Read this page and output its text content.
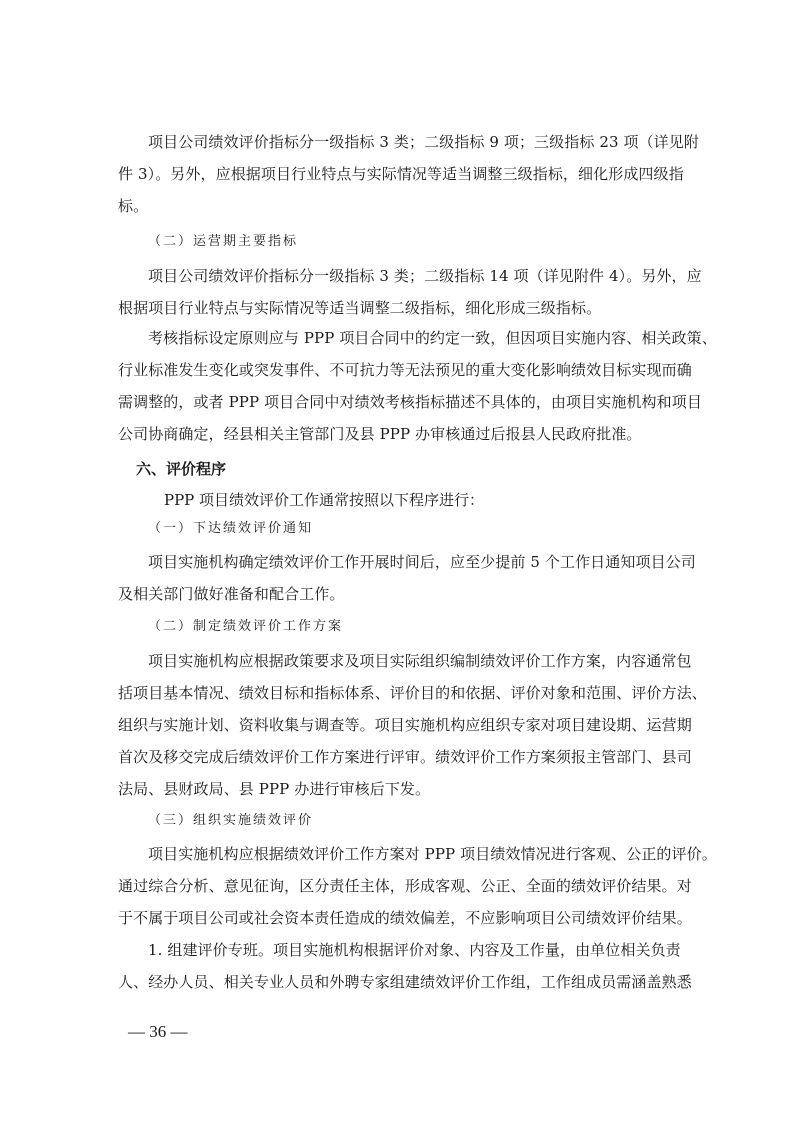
项目公司绩效评价指标分一级指标 3 类；二级指标 9 项；三级指标 23 项（详见附
件 3）。另外，应根据项目行业特点与实际情况等适当调整三级指标，细化形成四级指
标。
（二）运营期主要指标
项目公司绩效评价指标分一级指标 3 类；二级指标 14 项（详见附件 4）。另外，应
根据项目行业特点与实际情况等适当调整二级指标，细化形成三级指标。
考核指标设定原则应与 PPP 项目合同中的约定一致，但因项目实施内容、相关政策、
行业标准发生变化或突发事件、不可抗力等无法预见的重大变化影响绩效目标实现而确
需调整的，或者 PPP 项目合同中对绩效考核指标描述不具体的，由项目实施机构和项目
公司协商确定，经县相关主管部门及县 PPP 办审核通过后报县人民政府批准。
六、评价程序
PPP 项目绩效评价工作通常按照以下程序进行：
（一）下达绩效评价通知
项目实施机构确定绩效评价工作开展时间后，应至少提前 5 个工作日通知项目公司
及相关部门做好准备和配合工作。
（二）制定绩效评价工作方案
项目实施机构应根据政策要求及项目实际组织编制绩效评价工作方案，内容通常包
括项目基本情况、绩效目标和指标体系、评价目的和依据、评价对象和范围、评价方法、
组织与实施计划、资料收集与调查等。项目实施机构应组织专家对项目建设期、运营期
首次及移交完成后绩效评价工作方案进行评审。绩效评价工作方案须报主管部门、县司
法局、县财政局、县 PPP 办进行审核后下发。
（三）组织实施绩效评价
项目实施机构应根据绩效评价工作方案对 PPP 项目绩效情况进行客观、公正的评价。
通过综合分析、意见征询，区分责任主体，形成客观、公正、全面的绩效评价结果。对
于不属于项目公司或社会资本责任造成的绩效偏差，不应影响项目公司绩效评价结果。
1. 组建评价专班。项目实施机构根据评价对象、内容及工作量，由单位相关负责
人、经办人员、相关专业人员和外聘专家组建绩效评价工作组，工作组成员需涵盖熟悉
— 36 —
